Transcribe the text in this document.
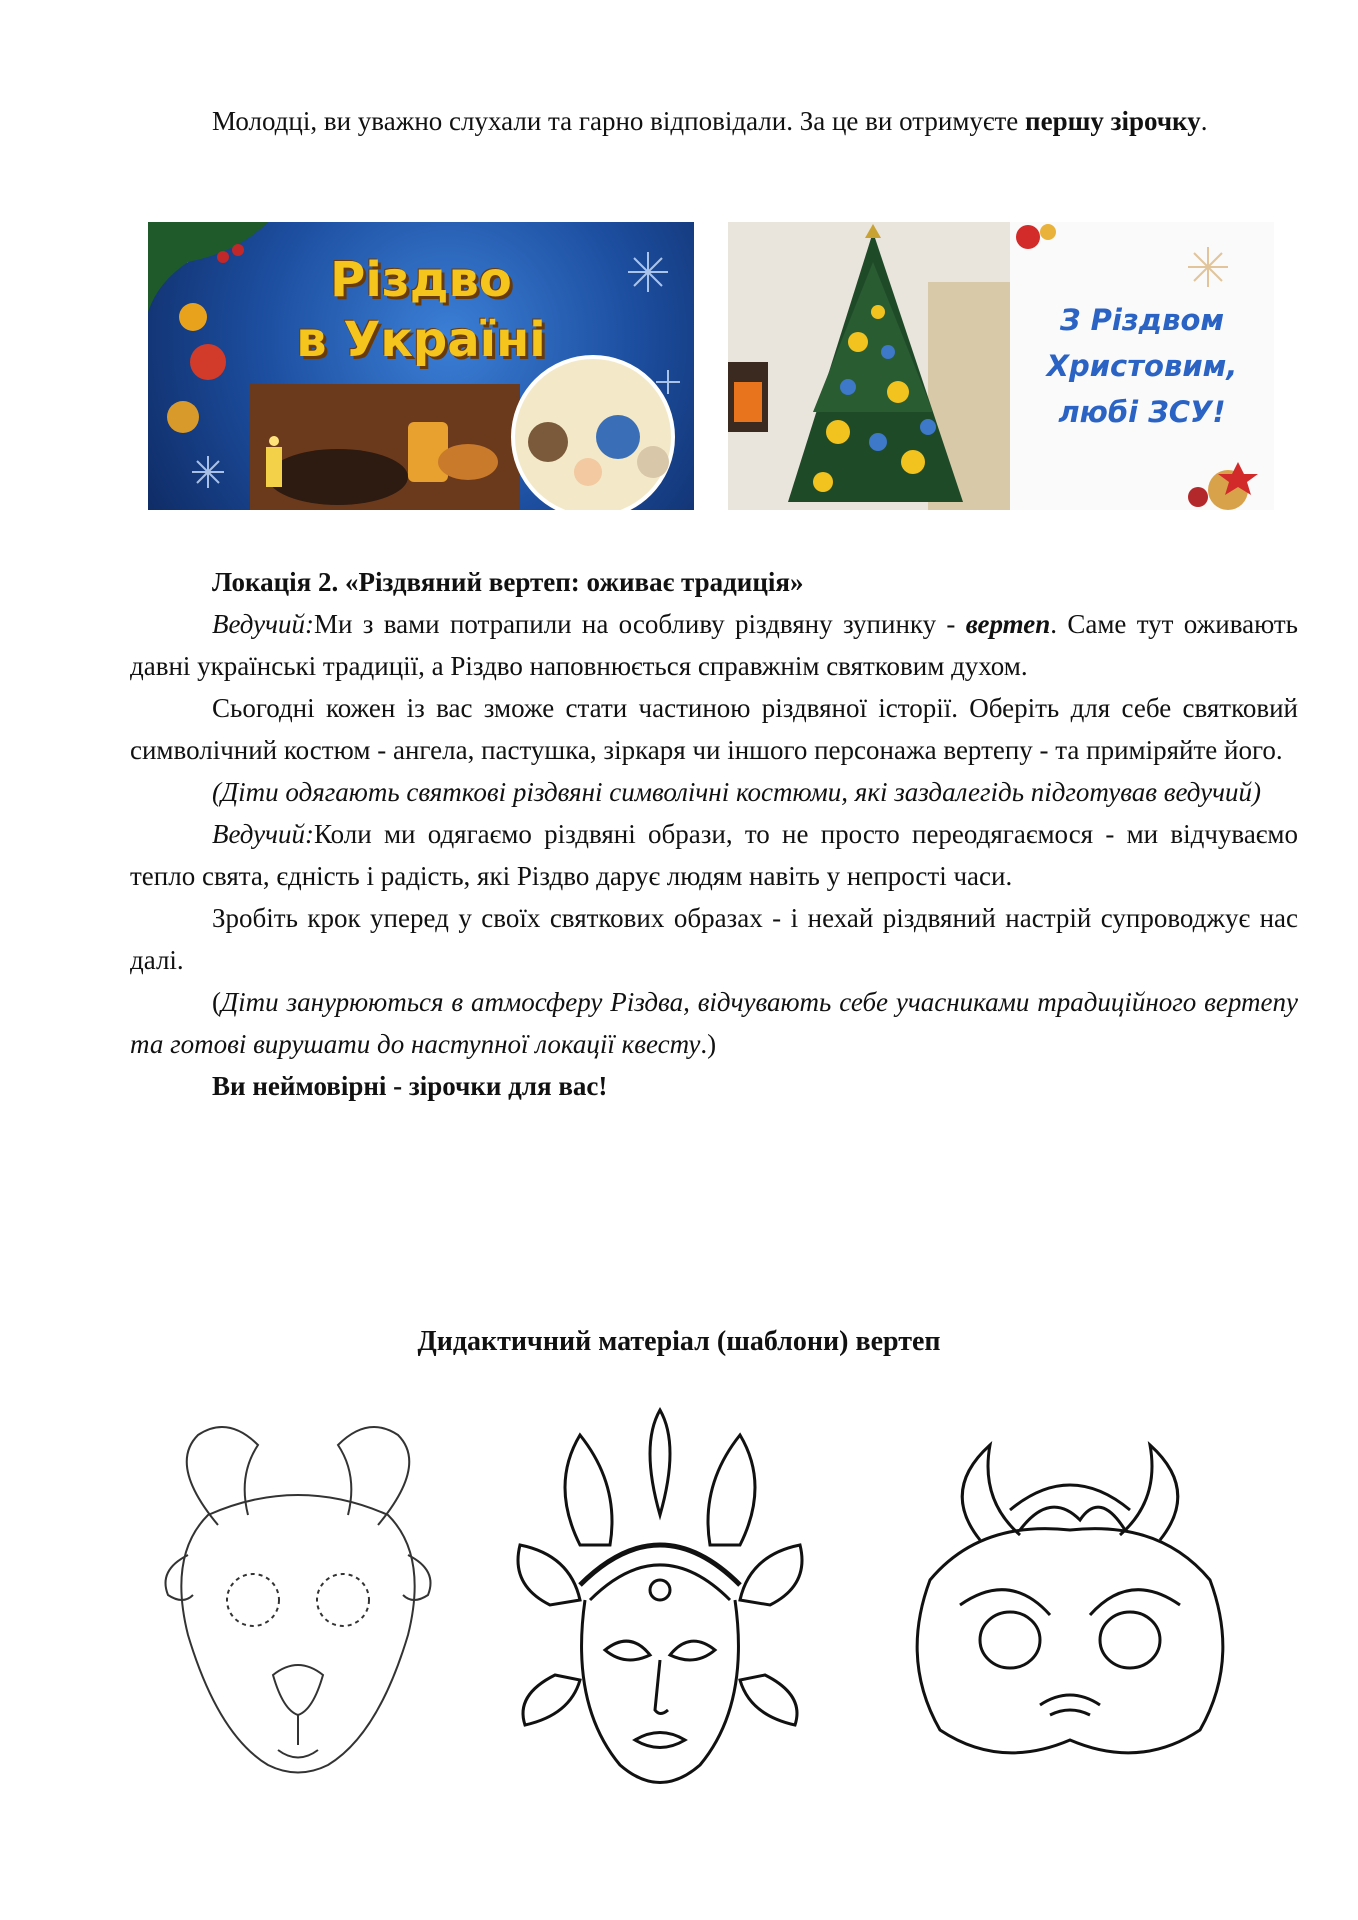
Молодці, ви уважно слухали та гарно відповідали. За це ви отримуєте першу зірочку.

Різдво
в Україні	З Різдвом
Христовим,
любі ЗСУ!

Локація 2. «Різдвяний вертеп: оживає традиція»

Ведучий:Ми з вами потрапили на особливу різдвяну зупинку - вертеп. Саме тут оживають давні українські традиції, а Різдво наповнюється справжнім святковим духом.

Сьогодні кожен із вас зможе стати частиною різдвяної історії. Оберіть для себе святковий символічний костюм - ангела, пастушка, зіркаря чи іншого персонажа вертепу - та приміряйте його.

(Діти одягають святкові різдвяні символічні костюми, які заздалегідь підготував ведучий)

Ведучий:Коли ми одягаємо різдвяні образи, то не просто переодягаємося - ми відчуваємо тепло свята, єдність і радість, які Різдво дарує людям навіть у непрості часи.

Зробіть крок уперед у своїх святкових образах - і нехай різдвяний настрій супроводжує нас далі.

(Діти занурюються в атмосферу Різдва, відчувають себе учасниками традиційного вертепу та готові вирушати до наступної локації квесту.)

Ви неймовірні - зірочки для вас!

Дидактичний матеріал (шаблони) вертеп
